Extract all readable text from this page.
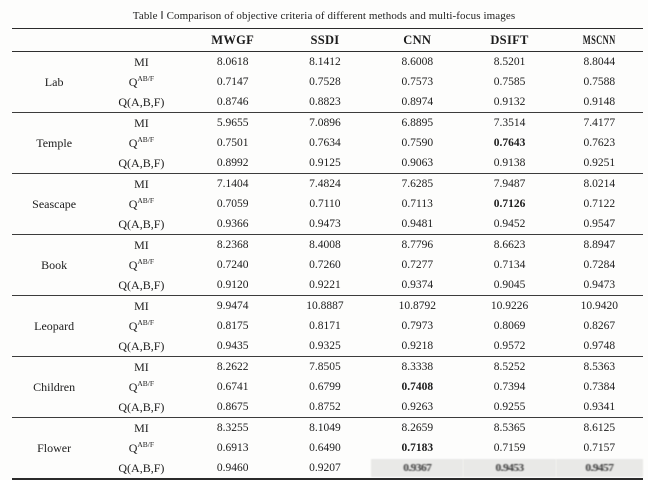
Table Ⅰ Comparison of objective criteria of different methods and multi-focus images
		MWGF	SSDI	CNN	DSIFT	MSCNN
Lab	MI	8.0618	8.1412	8.6008	8.5201	8.8044
	$Q^{AB/F}$	0.7147	0.7528	0.7573	0.7585	0.7588
	Q(A,B,F)	0.8746	0.8823	0.8974	0.9132	0.9148
Temple	MI	5.9655	7.0896	6.8895	7.3514	7.4177
	$Q^{AB/F}$	0.7501	0.7634	0.7590	0.7643	0.7623
	Q(A,B,F)	0.8992	0.9125	0.9063	0.9138	0.9251
Seascape	MI	7.1404	7.4824	7.6285	7.9487	8.0214
	$Q^{AB/F}$	0.7059	0.7110	0.7113	0.7126	0.7122
	Q(A,B,F)	0.9366	0.9473	0.9481	0.9452	0.9547
Book	MI	8.2368	8.4008	8.7796	8.6623	8.8947
	$Q^{AB/F}$	0.7240	0.7260	0.7277	0.7134	0.7284
	Q(A,B,F)	0.9120	0.9221	0.9374	0.9045	0.9473
Leopard	MI	9.9474	10.8887	10.8792	10.9226	10.9420
	$Q^{AB/F}$	0.8175	0.8171	0.7973	0.8069	0.8267
	Q(A,B,F)	0.9435	0.9325	0.9218	0.9572	0.9748
Children	MI	8.2622	7.8505	8.3338	8.5252	8.5363
	$Q^{AB/F}$	0.6741	0.6799	0.7408	0.7394	0.7384
	Q(A,B,F)	0.8675	0.8752	0.9263	0.9255	0.9341
Flower	MI	8.3255	8.1049	8.2659	8.5365	8.6125
	$Q^{AB/F}$	0.6913	0.6490	0.7183	0.7159	0.7157
	Q(A,B,F)	0.9460	0.9207	0.9367	0.9453	0.9457
